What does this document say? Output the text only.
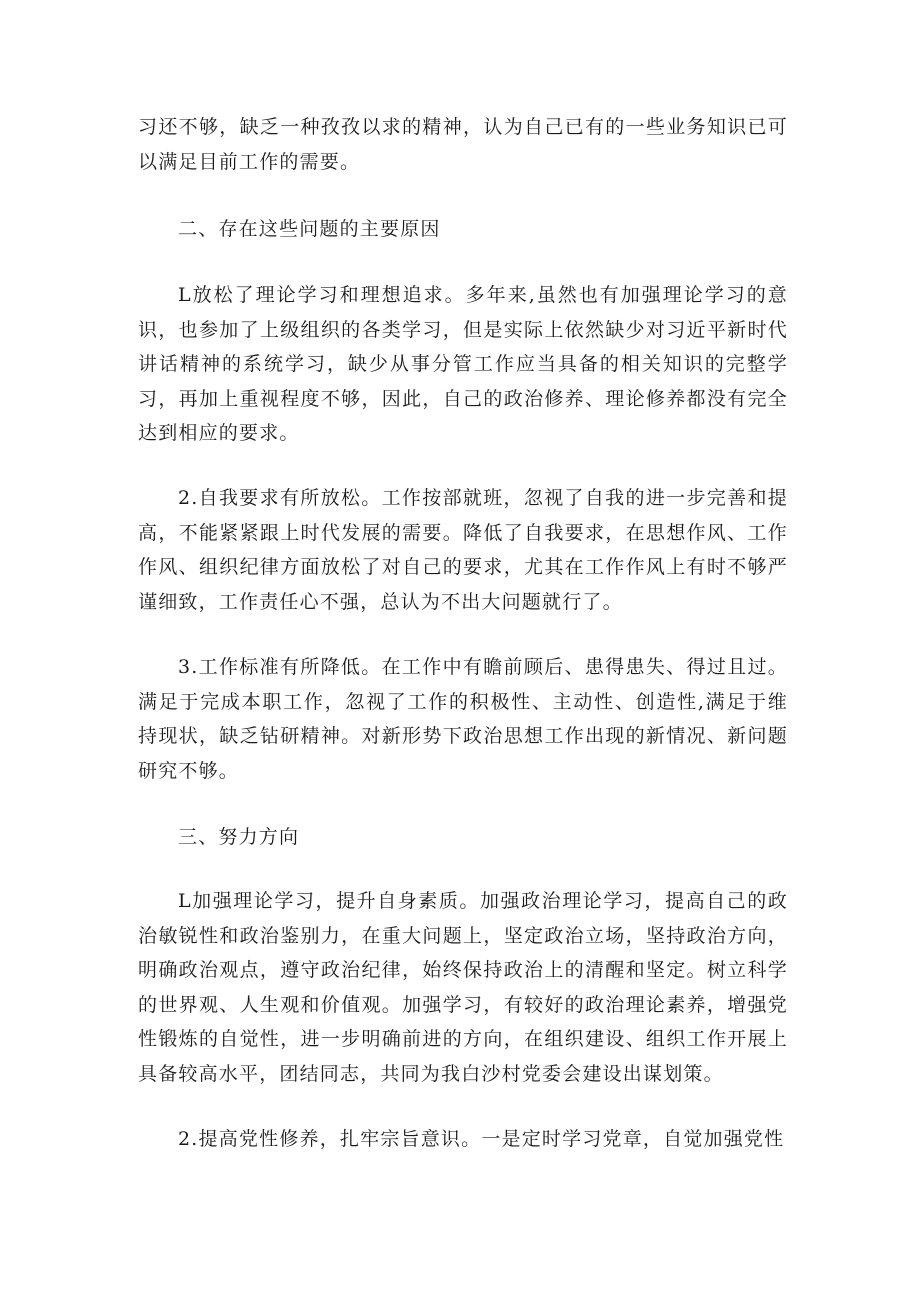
习还不够，缺乏一种孜孜以求的精神，认为自己已有的一些业务知识已可以满足目前工作的需要。

二、存在这些问题的主要原因

L放松了理论学习和理想追求。多年来,虽然也有加强理论学习的意识，也参加了上级组织的各类学习，但是实际上依然缺少对习近平新时代讲话精神的系统学习，缺少从事分管工作应当具备的相关知识的完整学习，再加上重视程度不够，因此，自己的政治修养、理论修养都没有完全达到相应的要求。

2.自我要求有所放松。工作按部就班，忽视了自我的进一步完善和提高，不能紧紧跟上时代发展的需要。降低了自我要求，在思想作风、工作作风、组织纪律方面放松了对自己的要求，尤其在工作作风上有时不够严谨细致，工作责任心不强，总认为不出大问题就行了。

3.工作标准有所降低。在工作中有瞻前顾后、患得患失、得过且过。满足于完成本职工作，忽视了工作的积极性、主动性、创造性,满足于维持现状，缺乏钻研精神。对新形势下政治思想工作出现的新情况、新问题研究不够。

三、努力方向

L加强理论学习，提升自身素质。加强政治理论学习，提高自己的政治敏锐性和政治鉴别力，在重大问题上，坚定政治立场，坚持政治方向，明确政治观点，遵守政治纪律，始终保持政治上的清醒和坚定。树立科学的世界观、人生观和价值观。加强学习，有较好的政治理论素养，增强党性锻炼的自觉性，进一步明确前进的方向，在组织建设、组织工作开展上具备较高水平，团结同志，共同为我白沙村党委会建设出谋划策。

2.提高党性修养，扎牢宗旨意识。一是定时学习党章，自觉加强党性
